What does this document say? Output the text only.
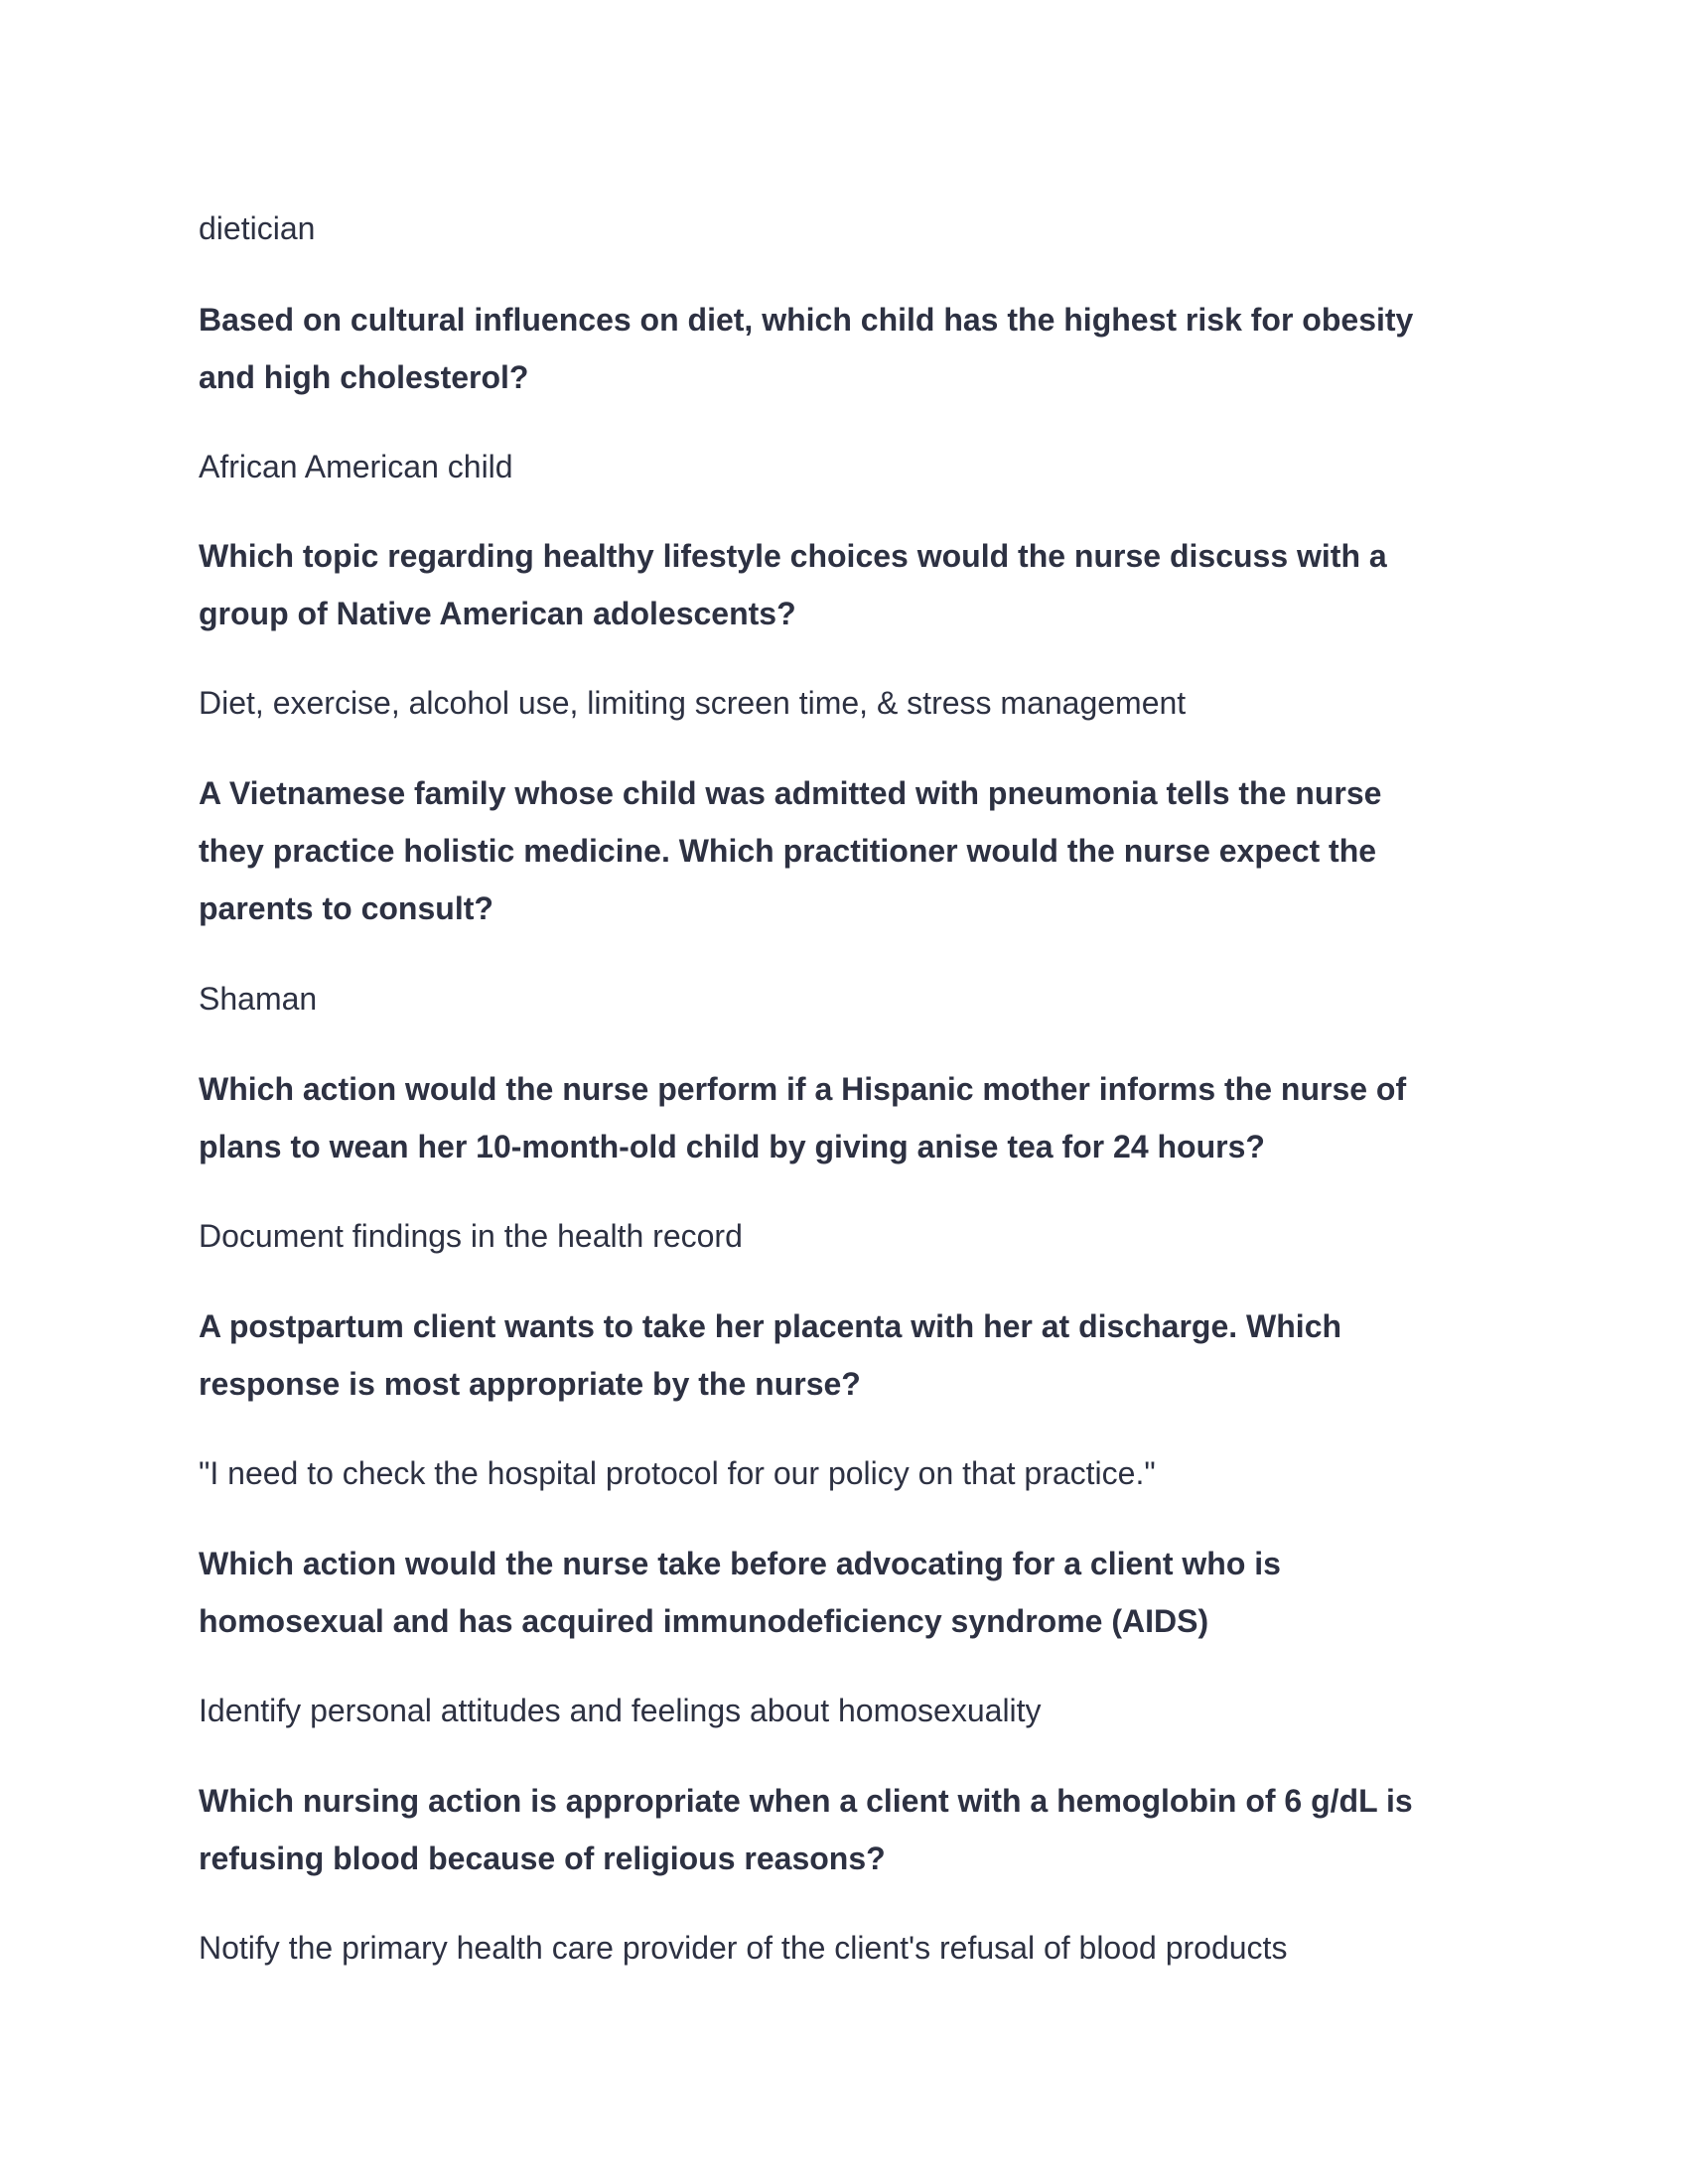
dietician
Based on cultural influences on diet, which child has the highest risk for obesity
and high cholesterol?
African American child
Which topic regarding healthy lifestyle choices would the nurse discuss with a
group of Native American adolescents?
Diet, exercise, alcohol use, limiting screen time, & stress management
A Vietnamese family whose child was admitted with pneumonia tells the nurse
they practice holistic medicine. Which practitioner would the nurse expect the
parents to consult?
Shaman
Which action would the nurse perform if a Hispanic mother informs the nurse of
plans to wean her 10-month-old child by giving anise tea for 24 hours?
Document findings in the health record
A postpartum client wants to take her placenta with her at discharge. Which
response is most appropriate by the nurse?
"I need to check the hospital protocol for our policy on that practice."
Which action would the nurse take before advocating for a client who is
homosexual and has acquired immunodeficiency syndrome (AIDS)
Identify personal attitudes and feelings about homosexuality
Which nursing action is appropriate when a client with a hemoglobin of 6 g/dL is
refusing blood because of religious reasons?
Notify the primary health care provider of the client's refusal of blood products
